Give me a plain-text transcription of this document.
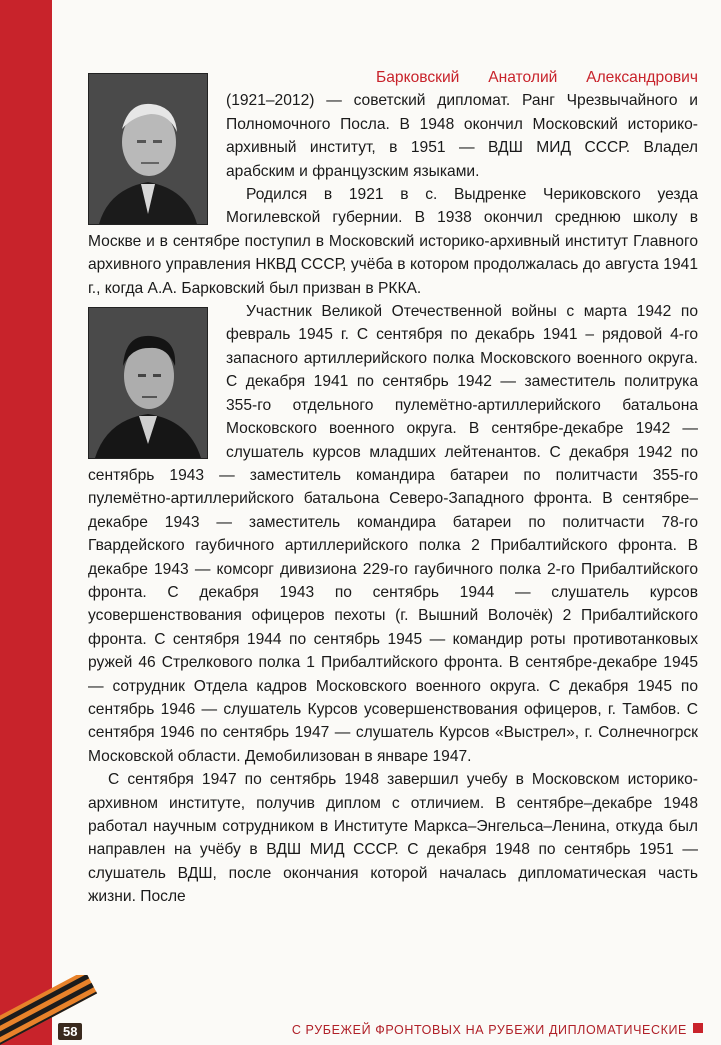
Барковский Анатолий Александрович (1921–2012) — советский дипломат. Ранг Чрезвычайного и Полномочного Посла. В 1948 окончил Московский историко-архивный институт, в 1951 — ВДШ МИД СССР. Владел арабским и французским языками.

Родился в 1921 в с. Выдренке Чериковского уезда Могилевской губернии. В 1938 окончил среднюю школу в Москве и в сентябре поступил в Московский историко-архивный институт Главного архивного управления НКВД СССР, учёба в котором продолжалась до августа 1941 г., когда А.А. Барковский был призван в РККА.

Участник Великой Отечественной войны с марта 1942 по февраль 1945 г. С сентября по декабрь 1941 – рядовой 4-го запасного артиллерийского полка Московского военного округа. С декабря 1941 по сентябрь 1942 — заместитель политрука 355-го отдельного пулемётно-артиллерийского батальона Московского военного округа. В сентябре-декабре 1942 — слушатель курсов младших лейтенантов. С декабря 1942 по сентябрь 1943 — заместитель командира батареи по политчасти 355-го пулемётно-артиллерийского батальона Северо-Западного фронта. В сентябре–декабре 1943 — заместитель командира батареи по политчасти 78-го Гвардейского гаубичного артиллерийского полка 2 Прибалтийского фронта. В декабре 1943 — комсорг дивизиона 229-го гаубичного полка 2-го Прибалтийского фронта. С декабря 1943 по сентябрь 1944 — слушатель курсов усовершенствования офицеров пехоты (г. Вышний Волочёк) 2 Прибалтийского фронта. С сентября 1944 по сентябрь 1945 — командир роты противотанковых ружей 46 Стрелкового полка 1 Прибалтийского фронта. В сентябре-декабре 1945 — сотрудник Отдела кадров Московского военного округа. С декабря 1945 по сентябрь 1946 — слушатель Курсов усовершенствования офицеров, г. Тамбов. С сентября 1946 по сентябрь 1947 — слушатель Курсов «Выстрел», г. Солнечногрск Московской области. Демобилизован в январе 1947.

С сентября 1947 по сентябрь 1948 завершил учебу в Московском историко-архивном институте, получив диплом с отличием. В сентябре–декабре 1948 работал научным сотрудником в Институте Маркса–Энгельса–Ленина, откуда был направлен на учёбу в ВДШ МИД СССР. С декабря 1948 по сентябрь 1951 — слушатель ВДШ, после окончания которой началась дипломатическая часть жизни. После

58	С РУБЕЖЕЙ ФРОНТОВЫХ НА РУБЕЖИ ДИПЛОМАТИЧЕСКИЕ
